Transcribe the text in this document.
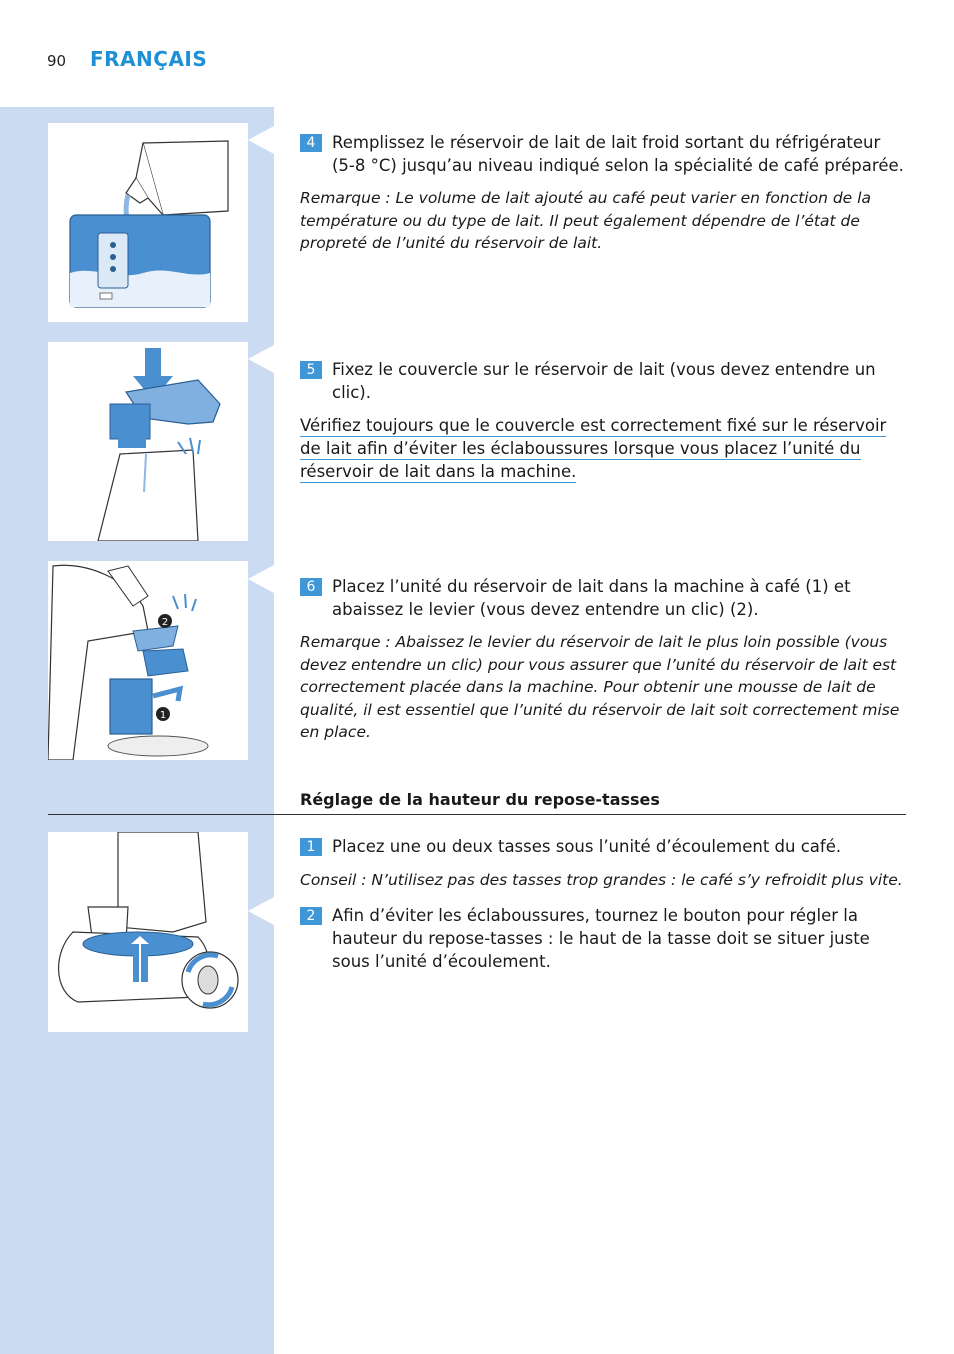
90 FRANÇAIS
2
1
4	Remplissez le réservoir de lait de lait froid sortant du réfrigérateur (5-8 °C) jusqu’au niveau indiqué selon la spécialité de café préparée.
Remarque : Le volume de lait ajouté au café peut varier en fonction de la température ou du type de lait. Il peut également dépendre de l’état de propreté de l’unité du réservoir de lait.
5	Fixez le couvercle sur le réservoir de lait (vous devez entendre un clic).
Vérifiez toujours que le couvercle est correctement fixé sur le réservoir
de lait afin d’éviter les éclaboussures lorsque vous placez l’unité du
réservoir de lait dans la machine.
6	Placez l’unité du réservoir de lait dans la machine à café (1) et abaissez le levier (vous devez entendre un clic) (2).
Remarque : Abaissez le levier du réservoir de lait le plus loin possible (vous devez entendre un clic) pour vous assurer que l’unité du réservoir de lait est correctement placée dans la machine. Pour obtenir une mousse de lait de qualité, il est essentiel que l’unité du réservoir de lait soit correctement mise en place.
Réglage de la hauteur du repose-tasses
1	Placez une ou deux tasses sous l’unité d’écoulement du café.
Conseil : N’utilisez pas des tasses trop grandes : le café s’y refroidit plus vite.
2	Afin d’éviter les éclaboussures, tournez le bouton pour régler la hauteur du repose-tasses : le haut de la tasse doit se situer juste sous l’unité d’écoulement.
